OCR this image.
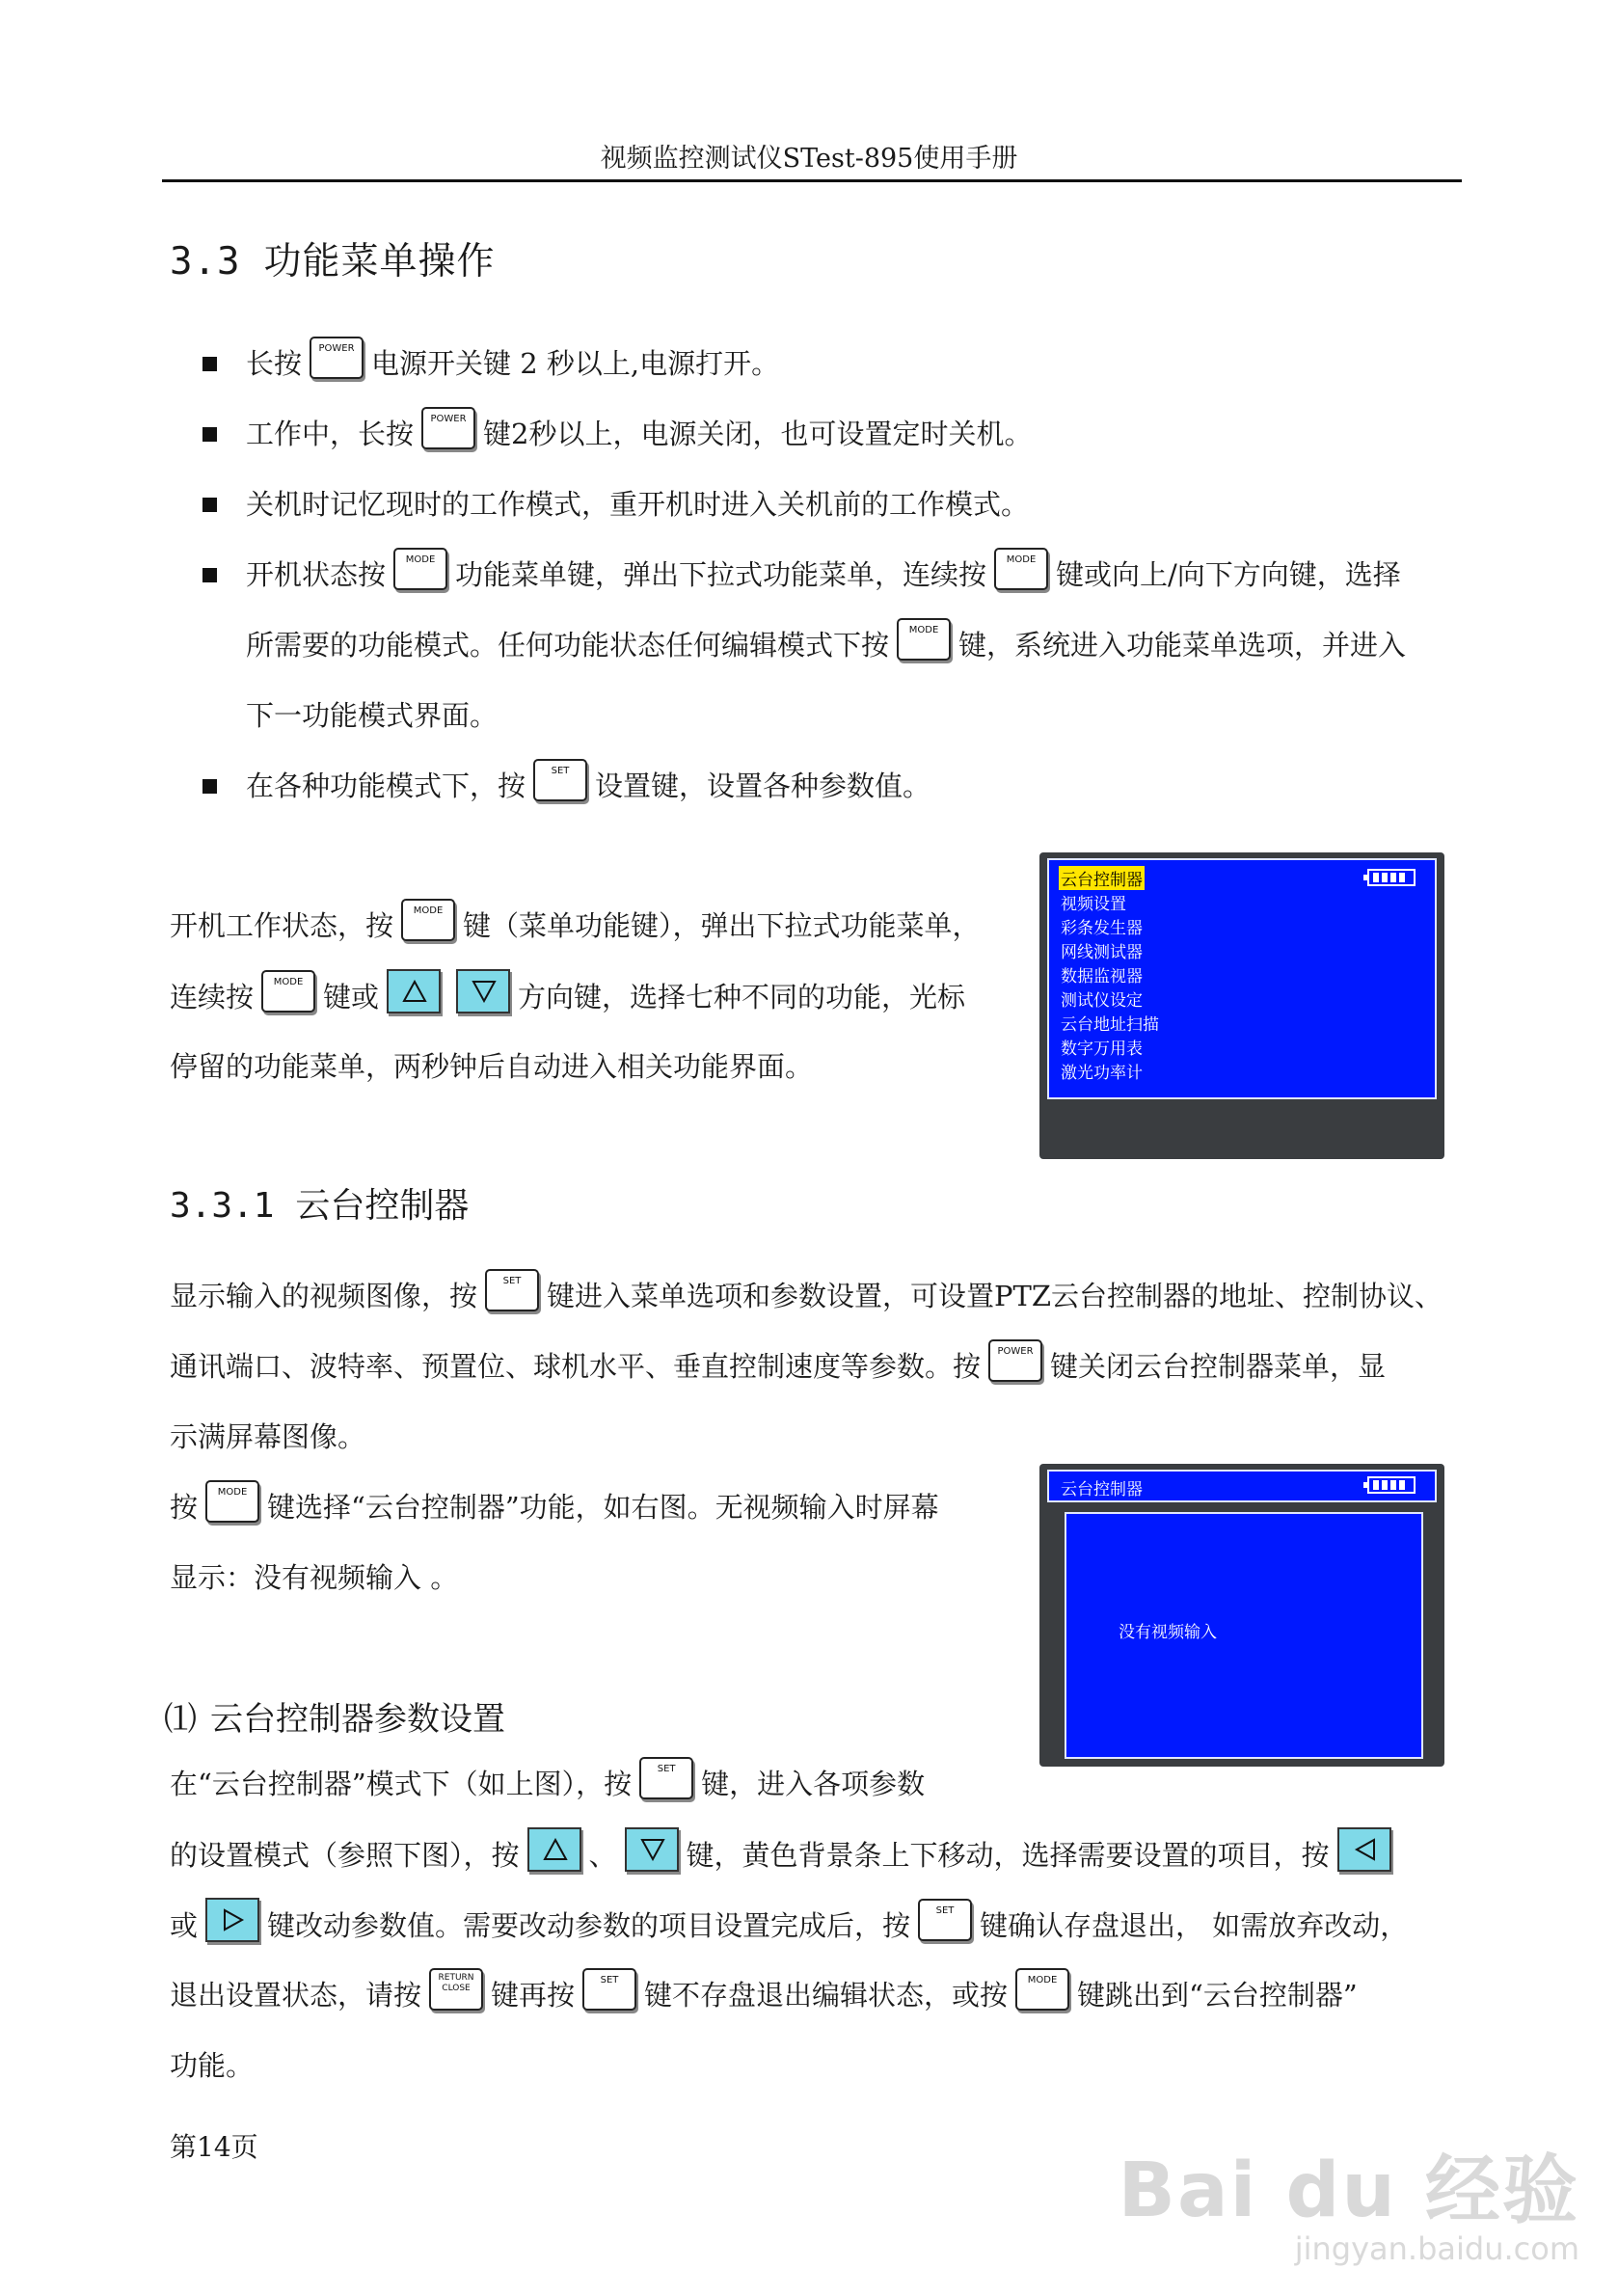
视频监控测试仪STest-895使用手册
3.3 功能菜单操作
长按 POWER 电源开关键 2 秒以上,电源打开。
工作中，长按 POWER 键2秒以上，电源关闭，也可设置定时关机。
关机时记忆现时的工作模式，重开机时进入关机前的工作模式。
开机状态按 MODE 功能菜单键，弹出下拉式功能菜单，连续按 MODE 键或向上/向下方向键，选择
所需要的功能模式。任何功能状态任何编辑模式下按 MODE 键，系统进入功能菜单选项，并进入
下一功能模式界面。
在各种功能模式下，按	SET 设置键，设置各种参数值。
开机工作状态，按 MODE 键（菜单功能键），弹出下拉式功能菜单，
连续按 MODE 键或	方向键，选择七种不同的功能，光标
停留的功能菜单，两秒钟后自动进入相关功能界面。
云台控制器
视频设置
彩条发生器
网线测试器
数据监视器
测试仪设定
云台地址扫描
数字万用表
激光功率计
3.3.1 云台控制器
显示输入的视频图像，按	SET 键进入菜单选项和参数设置，可设置PTZ云台控制器的地址、控制协议、
通讯端口、波特率、预置位、球机水平、垂直控制速度等参数。按 POWER 键关闭云台控制器菜单，显
示满屏幕图像。
按 MODE 键选择“云台控制器”功能，如右图。无视频输入时屏幕
显示：没有视频输入 。
云台控制器
没有视频输入
⑴ 云台控制器参数设置
在“云台控制器”模式下（如上图），按	SET 键，进入各项参数
的设置模式（参照下图），按 、 键，黄色背景条上下移动，选择需要设置的项目，按
或 键改动参数值。需要改动参数的项目设置完成后，按	SET 键确认存盘退出， 如需放弃改动，
退出设置状态，请按RETURN
CLOSE 键再按	SET 键不存盘退出编辑状态，或按 MODE 键跳出到“云台控制器”
功能。
第14页
Bai du 经验
jingyan.baidu.com
